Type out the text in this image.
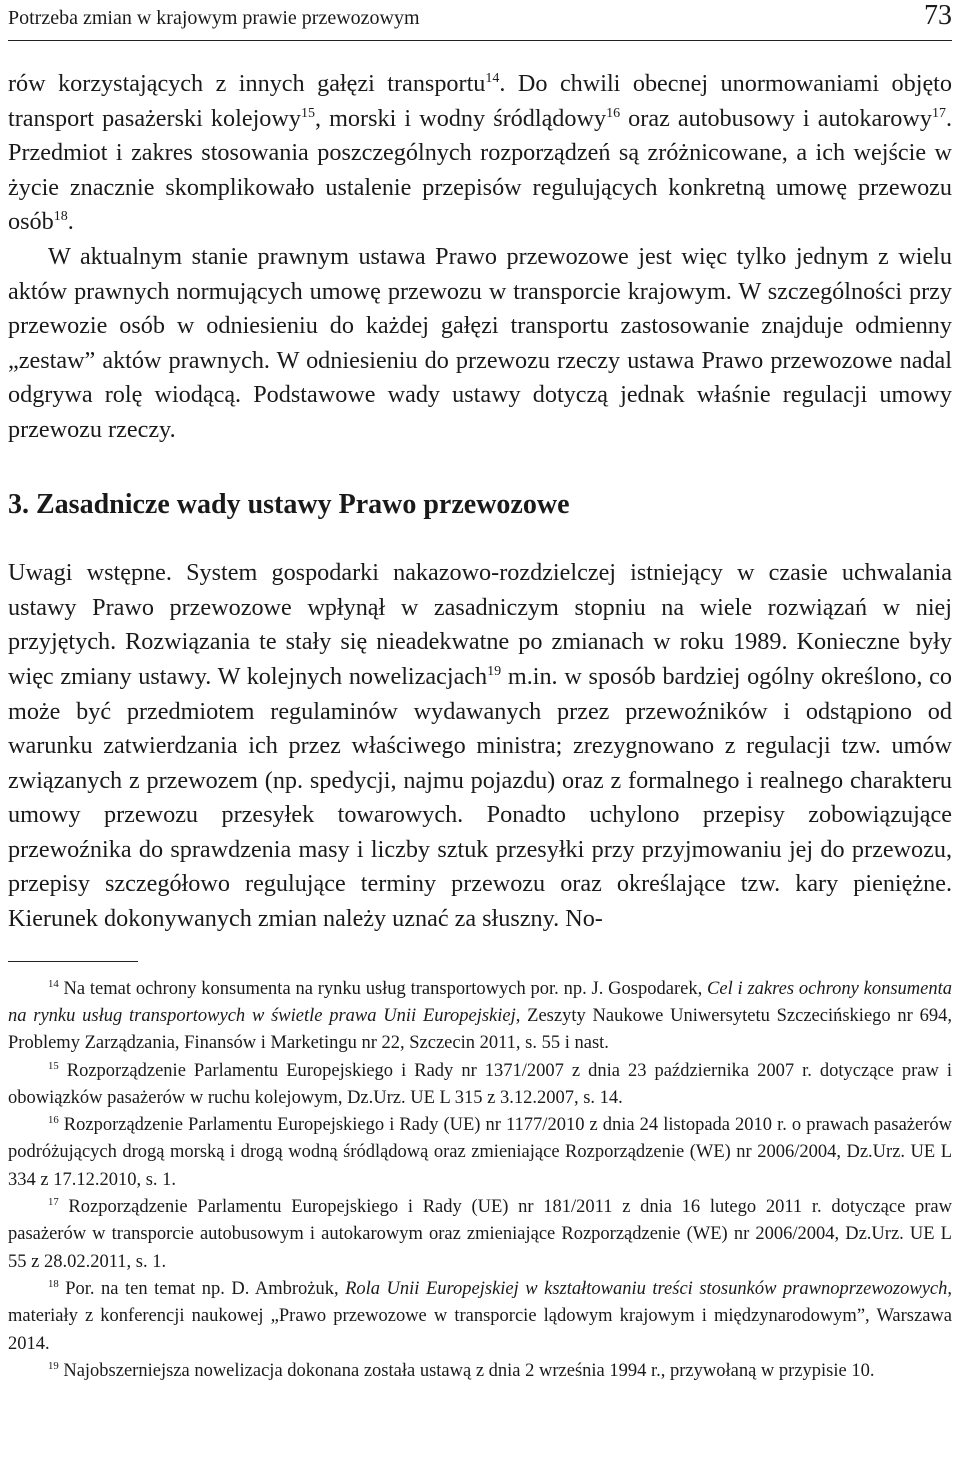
Potrzeba zmian w krajowym prawie przewozowym	73

rów korzystających z innych gałęzi transportu$^{14}$. Do chwili obecnej unormowaniami objęto transport pasażerski kolejowy$^{15}$, morski i wodny śródlądowy$^{16}$ oraz autobusowy i autokarowy$^{17}$. Przedmiot i zakres stosowania poszczególnych rozporządzeń są zróżnicowane, a ich wejście w życie znacznie skomplikowało ustalenie przepisów regulujących konkretną umowę przewozu osób$^{18}$.

W aktualnym stanie prawnym ustawa Prawo przewozowe jest więc tylko jednym z wielu aktów prawnych normujących umowę przewozu w transporcie krajowym. W szczególności przy przewozie osób w odniesieniu do każdej gałęzi transportu zastosowanie znajduje odmienny „zestaw” aktów prawnych. W odniesieniu do przewozu rzeczy ustawa Prawo przewozowe nadal odgrywa rolę wiodącą. Podstawowe wady ustawy dotyczą jednak właśnie regulacji umowy przewozu rzeczy.

3. Zasadnicze wady ustawy Prawo przewozowe

Uwagi wstępne. System gospodarki nakazowo-rozdzielczej istniejący w czasie uchwalania ustawy Prawo przewozowe wpłynął w zasadniczym stopniu na wiele rozwiązań w niej przyjętych. Rozwiązania te stały się nieadekwatne po zmianach w roku 1989. Konieczne były więc zmiany ustawy. W kolejnych nowelizacjach$^{19}$ m.in. w sposób bardziej ogólny określono, co może być przedmiotem regulaminów wydawanych przez przewoźników i odstąpiono od warunku zatwierdzania ich przez właściwego ministra; zrezygnowano z regulacji tzw. umów związanych z przewozem (np. spedycji, najmu pojazdu) oraz z formalnego i realnego charakteru umowy przewozu przesyłek towarowych. Ponadto uchylono przepisy zobowiązujące przewoźnika do sprawdzenia masy i liczby sztuk przesyłki przy przyjmowaniu jej do przewozu, przepisy szczegółowo regulujące terminy przewozu oraz określające tzw. kary pieniężne. Kierunek dokonywanych zmian należy uznać za słuszny. No-

$^{14}$ Na temat ochrony konsumenta na rynku usług transportowych por. np. J. Gospodarek, Cel i zakres ochrony konsumenta na rynku usług transportowych w świetle prawa Unii Europejskiej, Zeszyty Naukowe Uniwersytetu Szczecińskiego nr 694, Problemy Zarządzania, Finansów i Marketingu nr 22, Szczecin 2011, s. 55 i nast.

$^{15}$ Rozporządzenie Parlamentu Europejskiego i Rady nr 1371/2007 z dnia 23 października 2007 r. dotyczące praw i obowiązków pasażerów w ruchu kolejowym, Dz.Urz. UE L 315 z 3.12.2007, s. 14.

$^{16}$ Rozporządzenie Parlamentu Europejskiego i Rady (UE) nr 1177/2010 z dnia 24 listopada 2010 r. o prawach pasażerów podróżujących drogą morską i drogą wodną śródlądową oraz zmieniające Rozporządzenie (WE) nr 2006/2004, Dz.Urz. UE L 334 z 17.12.2010, s. 1.

$^{17}$ Rozporządzenie Parlamentu Europejskiego i Rady (UE) nr 181/2011 z dnia 16 lutego 2011 r. dotyczące praw pasażerów w transporcie autobusowym i autokarowym oraz zmieniające Rozporządzenie (WE) nr 2006/2004, Dz.Urz. UE L 55 z 28.02.2011, s. 1.

$^{18}$ Por. na ten temat np. D. Ambrożuk, Rola Unii Europejskiej w kształtowaniu treści stosunków prawnoprzewozowych, materiały z konferencji naukowej „Prawo przewozowe w transporcie lądowym krajowym i międzynarodowym”, Warszawa 2014.

$^{19}$ Najobszerniejsza nowelizacja dokonana została ustawą z dnia 2 września 1994 r., przywołaną w przypisie 10.
